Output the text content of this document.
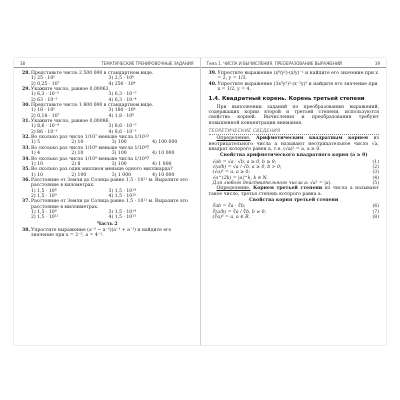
38	ТЕМАТИЧЕСКИЕ ТРЕНИРОВОЧНЫЕ ЗАДАНИЯ
28. Представьте число 2 500 000 в стандартном виде.
1) 25 · 10⁵	3) 2,5 · 10⁶
2) 0,25 · 10⁷	4) 250 · 10⁴
29. Укажите число, равное 0,00063.
1) 6,3 · 10⁻³	3) 6,3 · 10⁻⁵
2) 63 · 10⁻³	4) 6,3 · 10⁻⁴
30. Представьте число 1 800 000 в стандартном виде.
1) 18 · 10⁵	3) 180 · 10⁴
2) 0,18 · 10⁷	4) 1,8 · 10⁶
31. Укажите число, равное 0,00086.
1) 8,6 · 10⁻⁴	3) 8,6 · 10⁻⁵
2) 86 · 10⁻³	4) 8,6 · 10⁻³
32. Во сколько раз число 1/10⁷ меньше числа 1/10²?
1) 5	2) 10	3) 100	4) 100 000
33. Во сколько раз число 1/10⁸ меньше числа 1/10⁴?
1) 4	2) 10	3) 100	4) 10 000
34. Во сколько раз число 1/10⁹ меньше числа 1/10⁸?
1) 10	2) 8	3) 100	4) 1 000
35. Во сколько раз один миллион меньше одного миллиарда?
1) 10	2) 100	3) 1 000	4) 10 000
36. Расстояние от Земли до Солнца равно 1,5 · 10¹¹ м. Выразите это расстояние в километрах.
1) 1,5 · 10⁸	3) 1,5 · 10¹⁴
2) 1,5 · 10⁹	4) 1,5 · 10¹⁰
37. Расстояние от Земли до Солнца равно 1,5 · 10¹¹ м. Выразите это расстояние в миллиметрах.
1) 1,5 · 10⁸	3) 1,5 · 10¹⁴
2) 1,5 · 10¹²	4) 1,5 · 10¹³
Часть 2
38. Упростите выражение (a⁻³ − a⁻²)(a⁻¹ + a⁻¹) и найдите его значение при x = 2⁻³, a = 4⁻².
Тема 1. ЧИСЛА И ВЫЧИСЛЕНИЯ. ПРЕОБРАЗОВАНИЕ ВЫРАЖЕНИЙ	39
39. Упростите выражение (x⁸/y²)·(x/y)⁻¹ и найдите его значение при x = 2, y = 1/3.
40. Упростите выражение (3x²y³)²·(x⁻¹y)³ и найдите его значение при x = 1/2, y = 4.
1.4. Квадратный корень. Корень третьей степени

При выполнении заданий по преобразованию выражений, содержащих корни второй и третьей степени, используются свойства корней. Вычисления и преобразования требуют повышенной концентрации внимания.

ТЕОРЕТИЧЕСКИЕ СВЕДЕНИЯ

Определение. Арифметическим квадратным корнем из неотрицательного числа a называют неотрицательное число √a, квадрат которого равен a, т.е. (√a)² = a, a ≥ 0.

Свойства арифметического квадратного корня (a ≥ 0)
√ab = √a · √b, a ≥ 0, b ≥ 0;	(1)
√(a/b) = √a / √b, a ≥ 0, b > 0;	(2)
(√a)² = a, a ≥ 0;	(3)
√a^(2k) = |a|^k, k ∈ N.	(4)
Для любого действительного числа a: √a² = |a|.	(5)

Определение. Корнем третьей степени из числа a называют такое число, третья степень которого равна a.

Свойства корня третьей степени
∛ab = ∛a · ∛b;	(6)
∛(a/b) = ∛a / ∛b, b ≠ 0;	(7)
(∛a)³ = a, a ∈ R.	(8)
